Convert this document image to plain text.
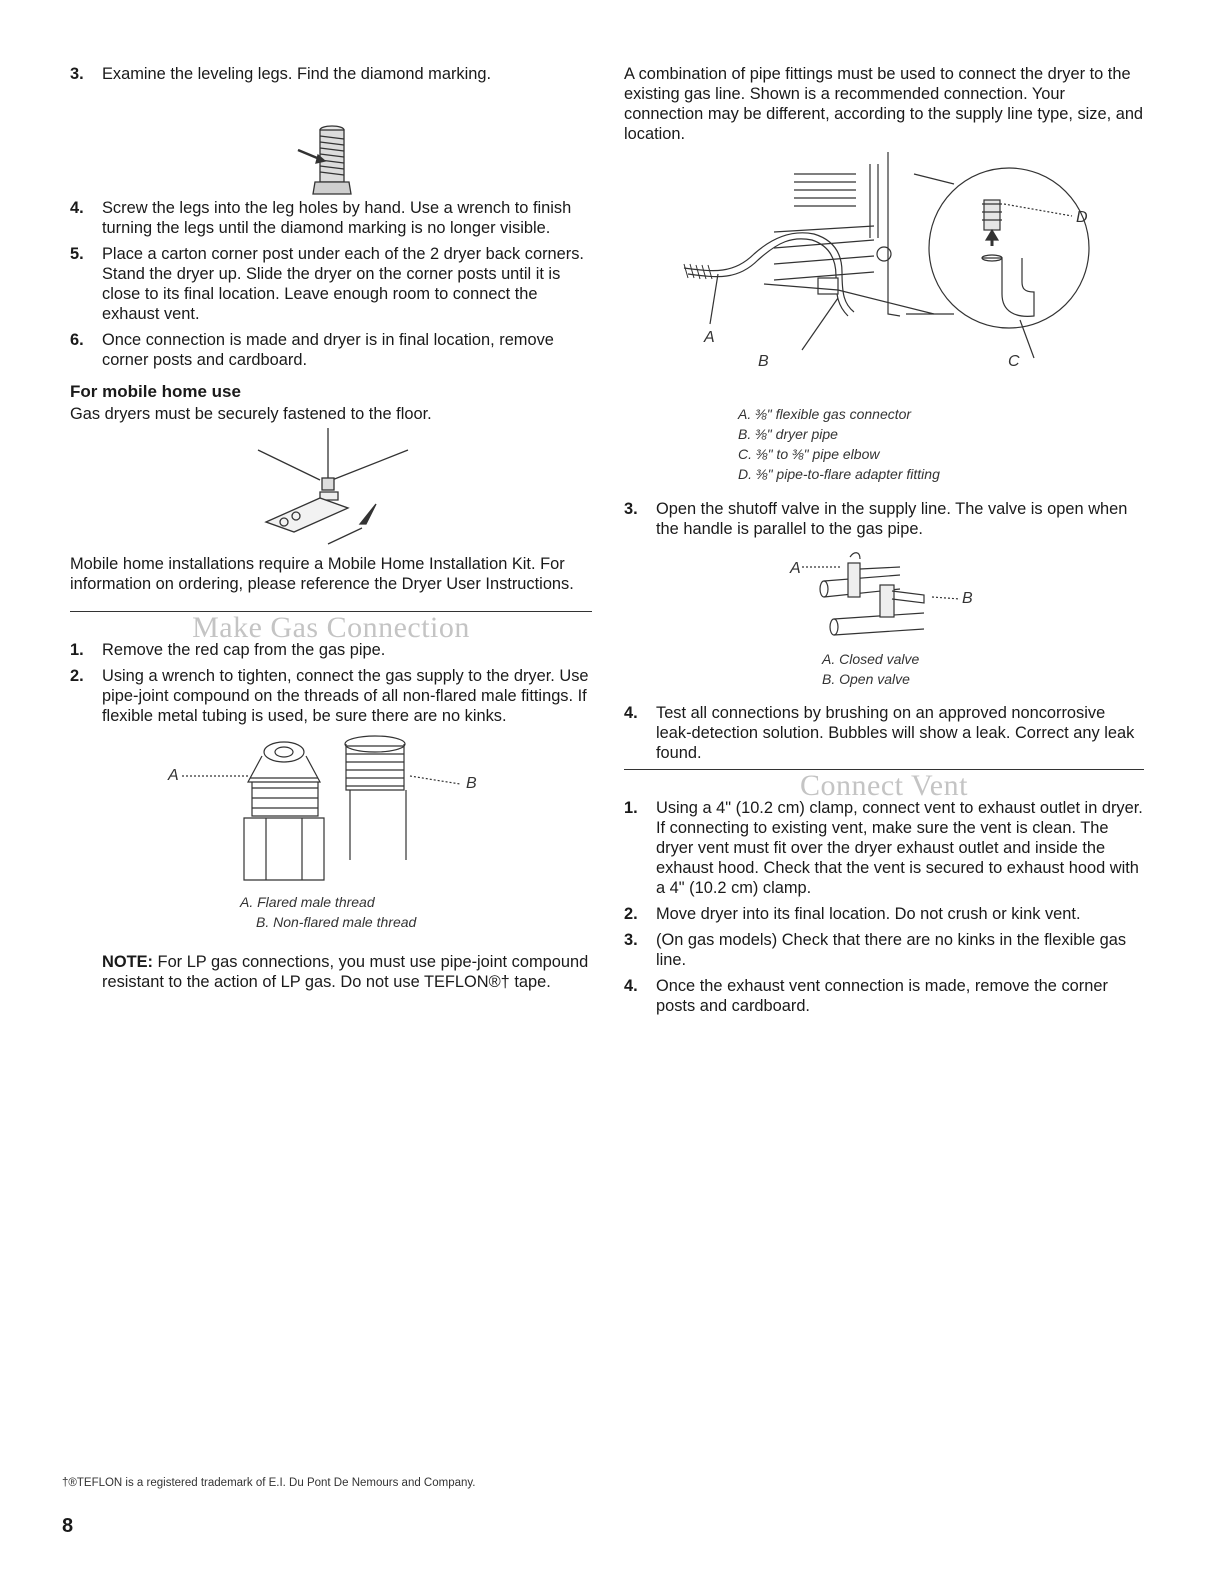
3. Examine the leveling legs. Find the diamond marking.
4. Screw the legs into the leg holes by hand. Use a wrench to finish turning the legs until the diamond marking is no longer visible.
5. Place a carton corner post under each of the 2 dryer back corners. Stand the dryer up. Slide the dryer on the corner posts until it is close to its final location. Leave enough room to connect the exhaust vent.
6. Once connection is made and dryer is in final location, remove corner posts and cardboard.
For mobile home use

Gas dryers must be securely fastened to the floor.

Mobile home installations require a Mobile Home Installation Kit. For information on ordering, please reference the Dryer User Instructions.

Make Gas Connection
1. Remove the red cap from the gas pipe.
2. Using a wrench to tighten, connect the gas supply to the dryer. Use pipe-joint compound on the threads of all non-flared male fittings. If flexible metal tubing is used, be sure there are no kinks.
A	B
A. Flared male thread
B. Non-flared male thread

NOTE: For LP gas connections, you must use pipe-joint compound resistant to the action of LP gas. Do not use TEFLON®† tape.

A combination of pipe fittings must be used to connect the dryer to the existing gas line. Shown is a recommended connection. Your connection may be different, according to the supply line type, size, and location.

D
A
B	C
A. ⅜" flexible gas connector
B. ⅜" dryer pipe
C. ⅜" to ⅜" pipe elbow
D. ⅜" pipe-to-flare adapter fitting
3. Open the shutoff valve in the supply line. The valve is open when the handle is parallel to the gas pipe.
A
B
A. Closed valve
B. Open valve
4. Test all connections by brushing on an approved noncorrosive leak-detection solution. Bubbles will show a leak. Correct any leak found.
Connect Vent
1. Using a 4" (10.2 cm) clamp, connect vent to exhaust outlet in dryer. If connecting to existing vent, make sure the vent is clean. The dryer vent must fit over the dryer exhaust outlet and inside the exhaust hood. Check that the vent is secured to exhaust hood with a 4" (10.2 cm) clamp.
2. Move dryer into its final location. Do not crush or kink vent.
3. (On gas models) Check that there are no kinks in the flexible gas line.
4. Once the exhaust vent connection is made, remove the corner posts and cardboard.
†®TEFLON is a registered trademark of E.I. Du Pont De Nemours and Company.
8
